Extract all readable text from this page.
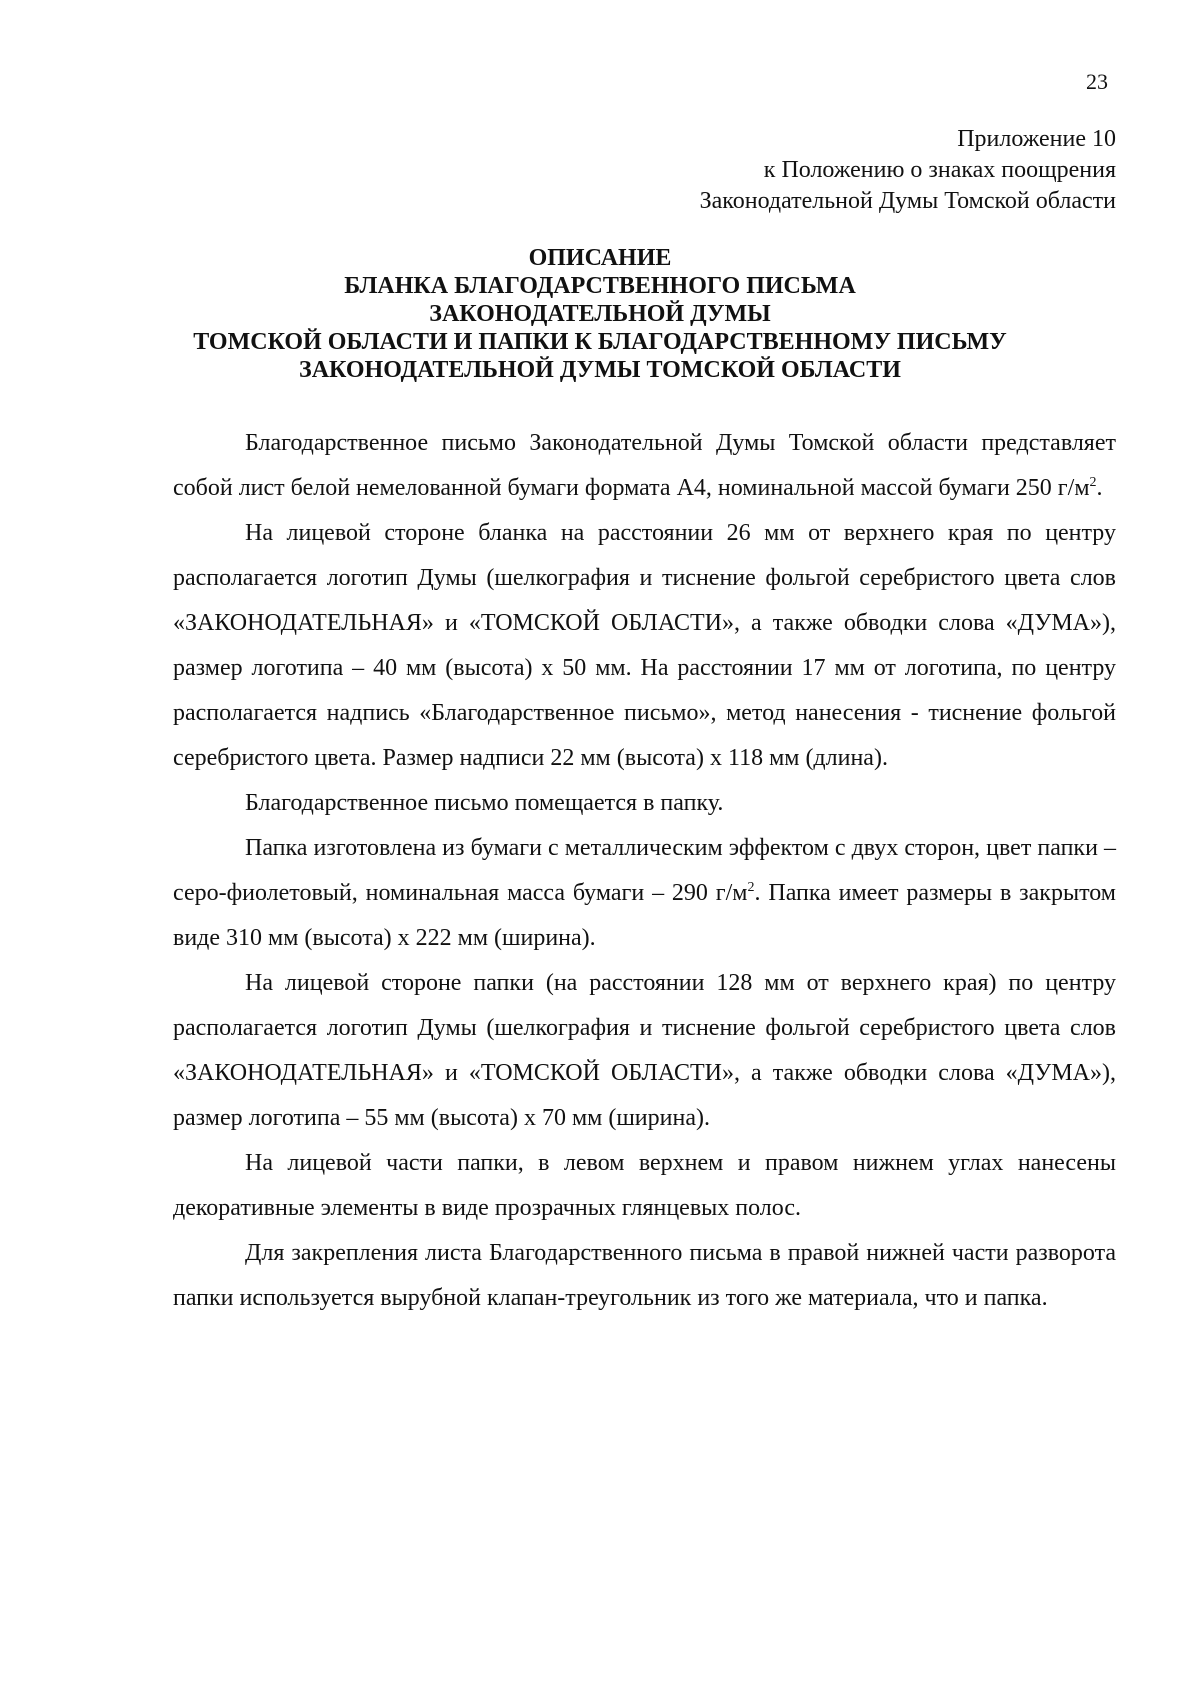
23
Приложение 10
к Положению о знаках поощрения
Законодательной Думы Томской области
ОПИСАНИЕ
БЛАНКА БЛАГОДАРСТВЕННОГО ПИСЬМА
ЗАКОНОДАТЕЛЬНОЙ ДУМЫ
ТОМСКОЙ ОБЛАСТИ И ПАПКИ К БЛАГОДАРСТВЕННОМУ ПИСЬМУ
ЗАКОНОДАТЕЛЬНОЙ ДУМЫ ТОМСКОЙ ОБЛАСТИ

Благодарственное письмо Законодательной Думы Томской области представляет собой лист белой немелованной бумаги формата А4, номинальной массой бумаги 250 $г/м^2$.

На лицевой стороне бланка на расстоянии 26 мм от верхнего края по центру располагается логотип Думы (шелкография и тиснение фольгой серебристого цвета слов «ЗАКОНОДАТЕЛЬНАЯ» и «ТОМСКОЙ ОБЛАСТИ», а также обводки слова «ДУМА»), размер логотипа – 40 мм (высота) х 50 мм. На расстоянии 17 мм от логотипа, по центру располагается надпись «Благодарственное письмо», метод нанесения - тиснение фольгой серебристого цвета. Размер надписи 22 мм (высота) х 118 мм (длина).

Благодарственное письмо помещается в папку.

Папка изготовлена из бумаги с металлическим эффектом с двух сторон, цвет папки – серо-фиолетовый, номинальная масса бумаги – 290 $г/м^2$. Папка имеет размеры в закрытом виде 310 мм (высота) х 222 мм (ширина).

На лицевой стороне папки (на расстоянии 128 мм от верхнего края) по центру располагается логотип Думы (шелкография и тиснение фольгой серебристого цвета слов «ЗАКОНОДАТЕЛЬНАЯ» и «ТОМСКОЙ ОБЛАСТИ», а также обводки слова «ДУМА»), размер логотипа – 55 мм (высота) х 70 мм (ширина).

На лицевой части папки, в левом верхнем и правом нижнем углах нанесены декоративные элементы в виде прозрачных глянцевых полос.

Для закрепления листа Благодарственного письма в правой нижней части разворота папки используется вырубной клапан-треугольник из того же материала, что и папка.
